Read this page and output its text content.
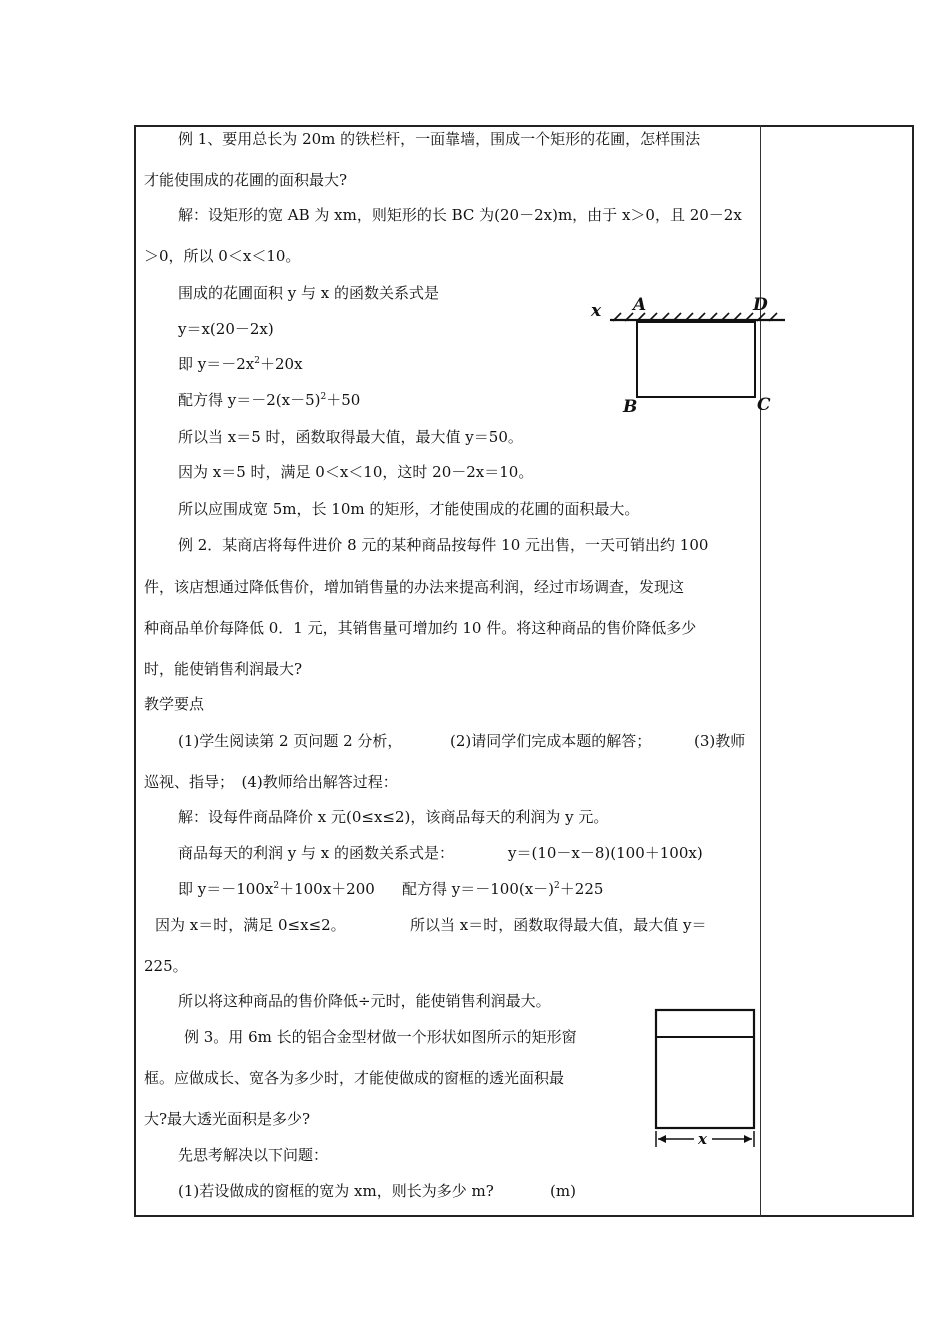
例 1、要用总长为 20m 的铁栏杆，一面靠墙，围成一个矩形的花圃，怎样围法
才能使围成的花圃的面积最大?
解：设矩形的宽 AB 为 xm，则矩形的长 BC 为(20－2x)m，由于 x＞0，且 20－2x
＞0，所以 0＜x＜10。
围成的花圃面积 y 与 x 的函数关系式是
y＝x(20－2x)
即 $y=-2x^2+20x$
配方得 $y=-2(x-5)^2+50$
所以当 x＝5 时，函数取得最大值，最大值 y＝50。
因为 x＝5 时，满足 0＜x＜10，这时 20－2x＝10。
所以应围成宽 5m，长 10m 的矩形，才能使围成的花圃的面积最大。
例 2．某商店将每件进价 8 元的某种商品按每件 10 元出售，一天可销出约 100
件，该店想通过降低售价，增加销售量的办法来提高利润，经过市场调查，发现这
种商品单价每降低 0．1 元，其销售量可增加约 10 件。将这种商品的售价降低多少
时，能使销售利润最大?
教学要点
(1)学生阅读第 2 页问题 2 分析，	(2)请同学们完成本题的解答；	(3)教师
巡视、指导；　(4)教师给出解答过程：
解：设每件商品降价 x 元(0≤x≤2)，该商品每天的利润为 y 元。
商品每天的利润 y 与 x 的函数关系式是：	y＝(10－x－8)(100＋100x)
即 $y=-100x^2+100x+200$ 配方得 $y=-100(x-)^2+225$
因为 x＝时，满足 0≤x≤2。	所以当 x＝时，函数取得最大值，最大值 y＝
225。
所以将这种商品的售价降低÷元时，能使销售利润最大。
例 3。用 6m 长的铝合金型材做一个形状如图所示的矩形窗
框。应做成长、宽各为多少时，才能使做成的窗框的透光面积最
大?最大透光面积是多少?
先思考解决以下问题：
(1)若设做成的窗框的宽为 xm，则长为多少 m?	(m)
x A	D
B	C
x
